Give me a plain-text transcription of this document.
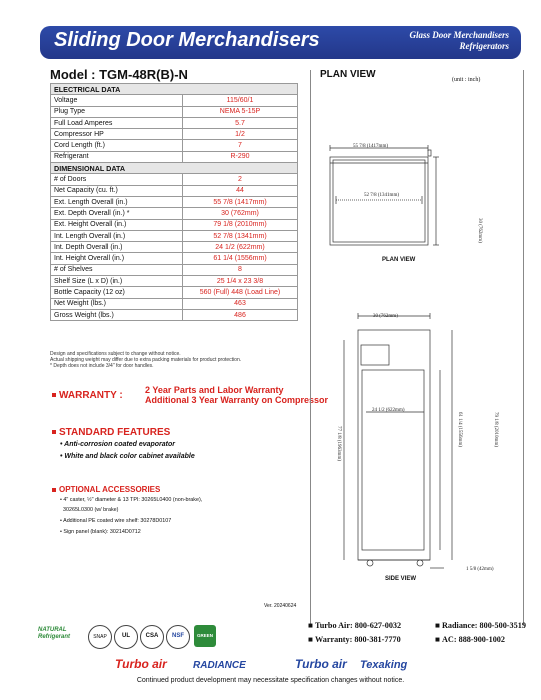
Sliding Door Merchandisers	Glass Door Merchandisers
Refrigerators
Model : TGM-48R(B)-N
ELECTRICAL DATA	
Voltage	115/60/1
Plug Type	NEMA 5-15P
Full Load Amperes	5.7
Compressor HP	1/2
Cord Length (ft.)	7
Refrigerant	R-290
DIMENSIONAL DATA	
# of Doors	2
Net Capacity (cu. ft.)	44
Ext. Length Overall (in.)	55 7/8 (1417mm)
Ext. Depth Overall (in.) *	30 (762mm)
Ext. Height Overall (in.)	79 1/8 (2010mm)
Int. Length Overall (in.)	52 7/8 (1341mm)
Int. Depth Overall (in.)	24 1/2 (622mm)
Int. Height Overall (in.)	61 1/4 (1556mm)
# of Shelves	8
Shelf Size (L x D) (in.)	25 1/4 x 23 3/8
Bottle Capacity (12 oz)	560 (Full) 448 (Load Line)
Net Weight (lbs.)	463
Gross Weight (lbs.)	486
Design and specifications subject to change without notice.
Actual shipping weight may differ due to extra packing materials for product protection.
* Depth does not include 3/4" for door handles.
WARRANTY : 2 Year Parts and Labor Warranty
Additional 3 Year Warranty on Compressor
STANDARD FEATURES
• Anti-corrosion coated evaporator
• White and black color cabinet available
OPTIONAL ACCESSORIES
• 4" caster, ½" diameter & 13 TPI: 30265L0400 (non-brake),
30265L0300 (w/ brake)
• Additional PE coated wire shelf: 30278D0107
• Sign panel (blank): 30214D0712
PLAN VIEW	(unit : inch)
55 7/8 (1417mm)
52 7/8 (1341mm)
30 (762mm)
PLAN VIEW
30 (762mm)
24 1/2 (622mm)
77 1/8 (1963mm)	61 1/4 (1556mm)	79 1/8 (2010mm)
1 5/8 (42mm)
SIDE VIEW
Ver. 20240624
NATURAL Refrigerant	SNAP	UL	CSA	NSF	GREEN
■ Turbo Air: 800-627-0032	■ Radiance: 800-500-3519
■ Warranty: 800-381-7770	■ AC: 888-900-1002
Turbo air	RADIANCE	Turbo air Texaking
Continued product development may necessitate specification changes without notice.
